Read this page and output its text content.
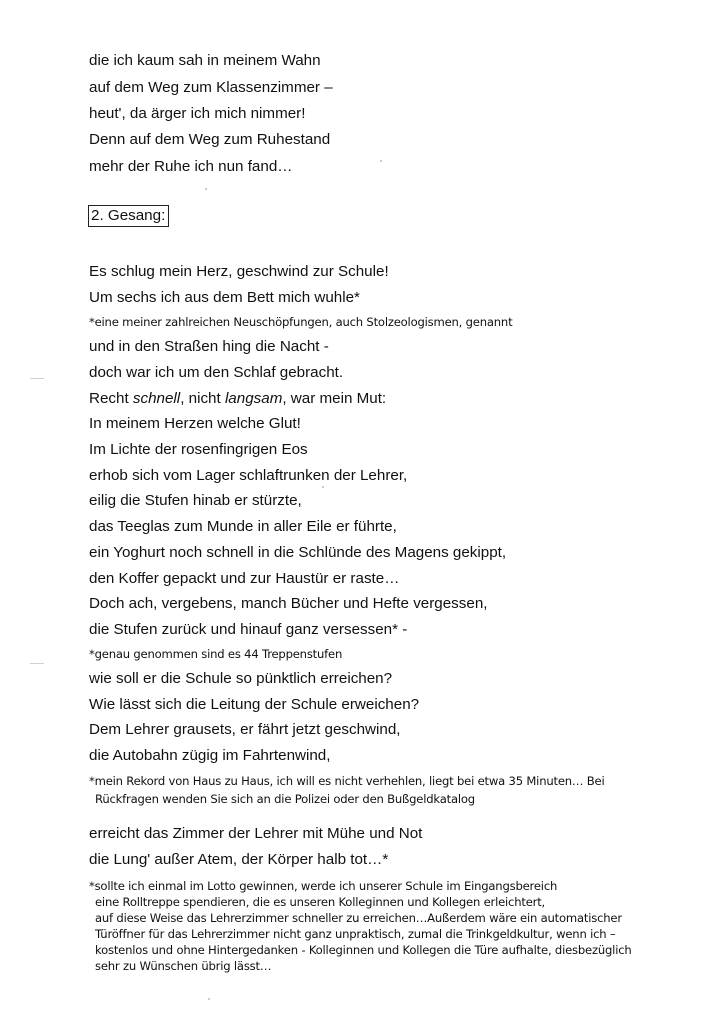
die ich kaum sah in meinem Wahn
auf dem Weg zum Klassenzimmer –
heut', da ärger ich mich nimmer!
Denn auf dem Weg zum Ruhestand
mehr der Ruhe ich nun fand…
2. Gesang:
Es schlug mein Herz, geschwind zur Schule!
Um sechs ich aus dem Bett mich wuhle*
*eine meiner zahlreichen Neuschöpfungen, auch Stolzeologismen, genannt
und in den Straßen hing die Nacht -
doch war ich um den Schlaf gebracht.
Recht schnell, nicht langsam, war mein Mut:
In meinem Herzen welche Glut!
Im Lichte der rosenfingrigen Eos
erhob sich vom Lager schlaftrunken der Lehrer,
eilig die Stufen hinab er stürzte,
das Teeglas zum Munde in aller Eile er führte,
ein Yoghurt noch schnell in die Schlünde des Magens gekippt,
den Koffer gepackt und zur Haustür er raste…
Doch ach, vergebens, manch Bücher und Hefte vergessen,
die Stufen zurück und hinauf ganz versessen* -
*genau genommen sind es 44 Treppenstufen
wie soll er die Schule so pünktlich erreichen?
Wie lässt sich die Leitung der Schule erweichen?
Dem Lehrer grausets, er fährt jetzt geschwind,
die Autobahn zügig im Fahrtenwind,
*mein Rekord von Haus zu Haus, ich will es nicht verhehlen, liegt bei etwa 35 Minuten… Bei
Rückfragen wenden Sie sich an die Polizei oder den Bußgeldkatalog
erreicht das Zimmer der Lehrer mit Mühe und Not
die Lung' außer Atem, der Körper halb tot…*
*sollte ich einmal im Lotto gewinnen, werde ich unserer Schule im Eingangsbereich
eine Rolltreppe spendieren, die es unseren Kolleginnen und Kollegen erleichtert,
auf diese Weise das Lehrerzimmer schneller zu erreichen…Außerdem wäre ein automatischer
Türöffner für das Lehrerzimmer nicht ganz unpraktisch, zumal die Trinkgeldkultur, wenn ich –
kostenlos und ohne Hintergedanken - Kolleginnen und Kollegen die Türe aufhalte, diesbezüglich
sehr zu Wünschen übrig lässt…
